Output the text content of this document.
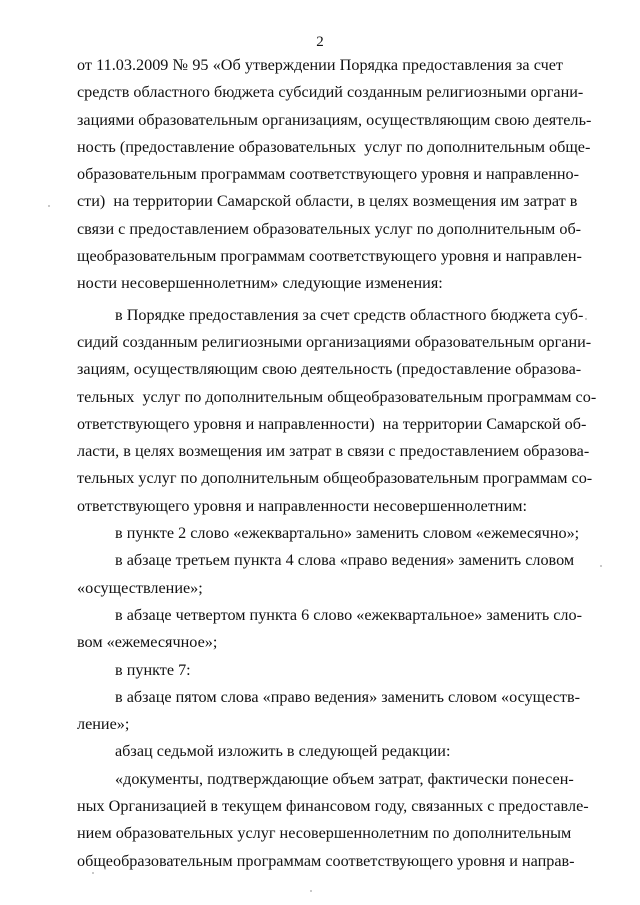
2
от 11.03.2009 № 95 «Об утверждении Порядка предоставления за счет
средств областного бюджета субсидий созданным религиозными органи-
зациями образовательным организациям, осуществляющим свою деятель-
ность (предоставление образовательных  услуг по дополнительным обще-
образовательным программам соответствующего уровня и направленно-
сти)  на территории Самарской области, в целях возмещения им затрат в
связи с предоставлением образовательных услуг по дополнительным об-
щеобразовательным программам соответствующего уровня и направлен-
ности несовершеннолетним» следующие изменения:
в Порядке предоставления за счет средств областного бюджета суб-
сидий созданным религиозными организациями образовательным органи-
зациям, осуществляющим свою деятельность (предоставление образова-
тельных  услуг по дополнительным общеобразовательным программам со-
ответствующего уровня и направленности)  на территории Самарской об-
ласти, в целях возмещения им затрат в связи с предоставлением образова-
тельных услуг по дополнительным общеобразовательным программам со-
ответствующего уровня и направленности несовершеннолетним:
в пункте 2 слово «ежеквартально» заменить словом «ежемесячно»;
в абзаце третьем пункта 4 слова «право ведения» заменить словом
«осуществление»;
в абзаце четвертом пункта 6 слово «ежеквартальное» заменить сло-
вом «ежемесячное»;
в пункте 7:
в абзаце пятом слова «право ведения» заменить словом «осуществ-
ление»;
абзац седьмой изложить в следующей редакции:
«документы, подтверждающие объем затрат, фактически понесен-
ных Организацией в текущем финансовом году, связанных с предоставле-
нием образовательных услуг несовершеннолетним по дополнительным
общеобразовательным программам соответствующего уровня и направ-
